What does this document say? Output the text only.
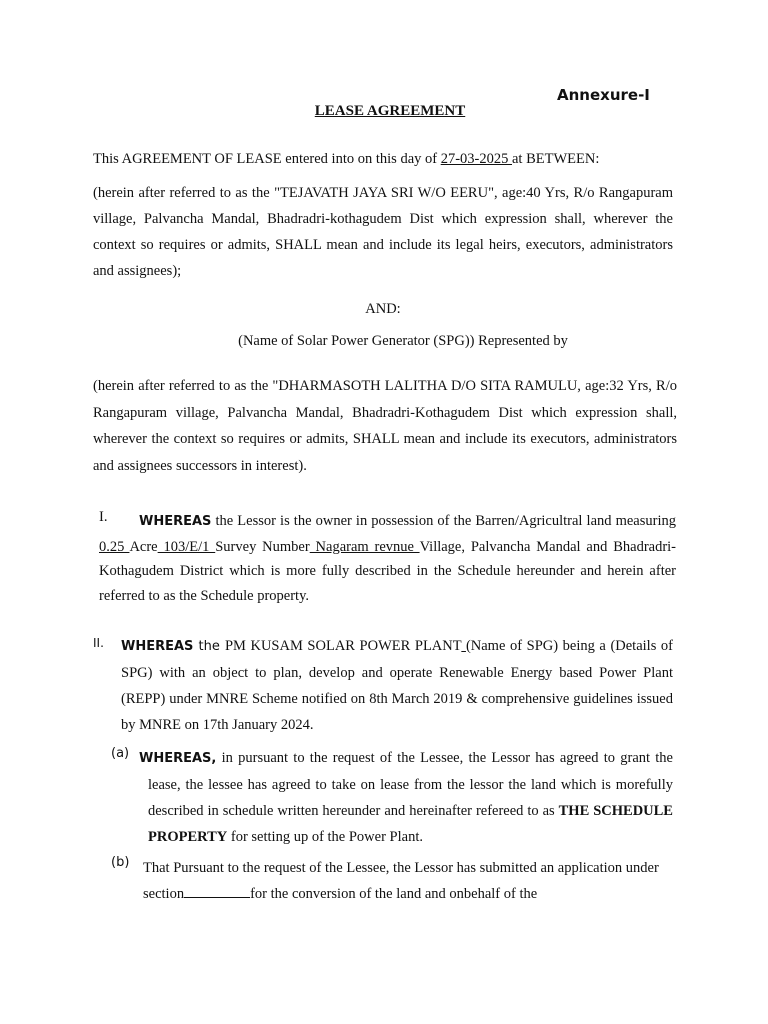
Annexure-I
LEASE AGREEMENT

This AGREEMENT OF LEASE entered into on this day of 27-03-2025 at BETWEEN:

(herein after referred to as the "TEJAVATH JAYA SRI W/O EERU", age:40 Yrs, R/o Rangapuram village, Palvancha Mandal, Bhadradri-kothagudem Dist which expression shall, wherever the context so requires or admits, SHALL mean and include its legal heirs, executors, administrators and assignees);

AND:

(Name of Solar Power Generator (SPG)) Represented by

(herein after referred to as the "DHARMASOTH LALITHA D/O SITA RAMULU, age:32 Yrs, R/o Rangapuram village, Palvancha Mandal, Bhadradri-Kothagudem Dist which expression shall, wherever the context so requires or admits, SHALL mean and include its executors, administrators and assignees successors in interest).

I.	WHEREAS the Lessor is the owner in possession of the Barren/Agricultral land measuring 0.25 Acre 103/E/1 Survey Number Nagaram revnue Village, Palvancha Mandal and Bhadradri-Kothagudem District which is more fully described in the Schedule hereunder and herein after referred to as the Schedule property.

II. WHEREAS the PM KUSAM SOLAR POWER PLANT (Name of SPG) being a (Details of SPG) with an object to plan, develop and operate Renewable Energy based Power Plant (REPP) under MNRE Scheme notified on 8th March 2019 & comprehensive guidelines issued by MNRE on 17th January 2024.

(a) WHEREAS, in pursuant to the request of the Lessee, the Lessor has agreed to grant the lease, the lessee has agreed to take on lease from the lessor the land which is morefully described in schedule written hereunder and hereinafter refereed to as THE SCHEDULE PROPERTY for setting up of the Power Plant.

(b) That Pursuant to the request of the Lessee, the Lessor has submitted an application under section	for the conversion of the land and onbehalf of the
